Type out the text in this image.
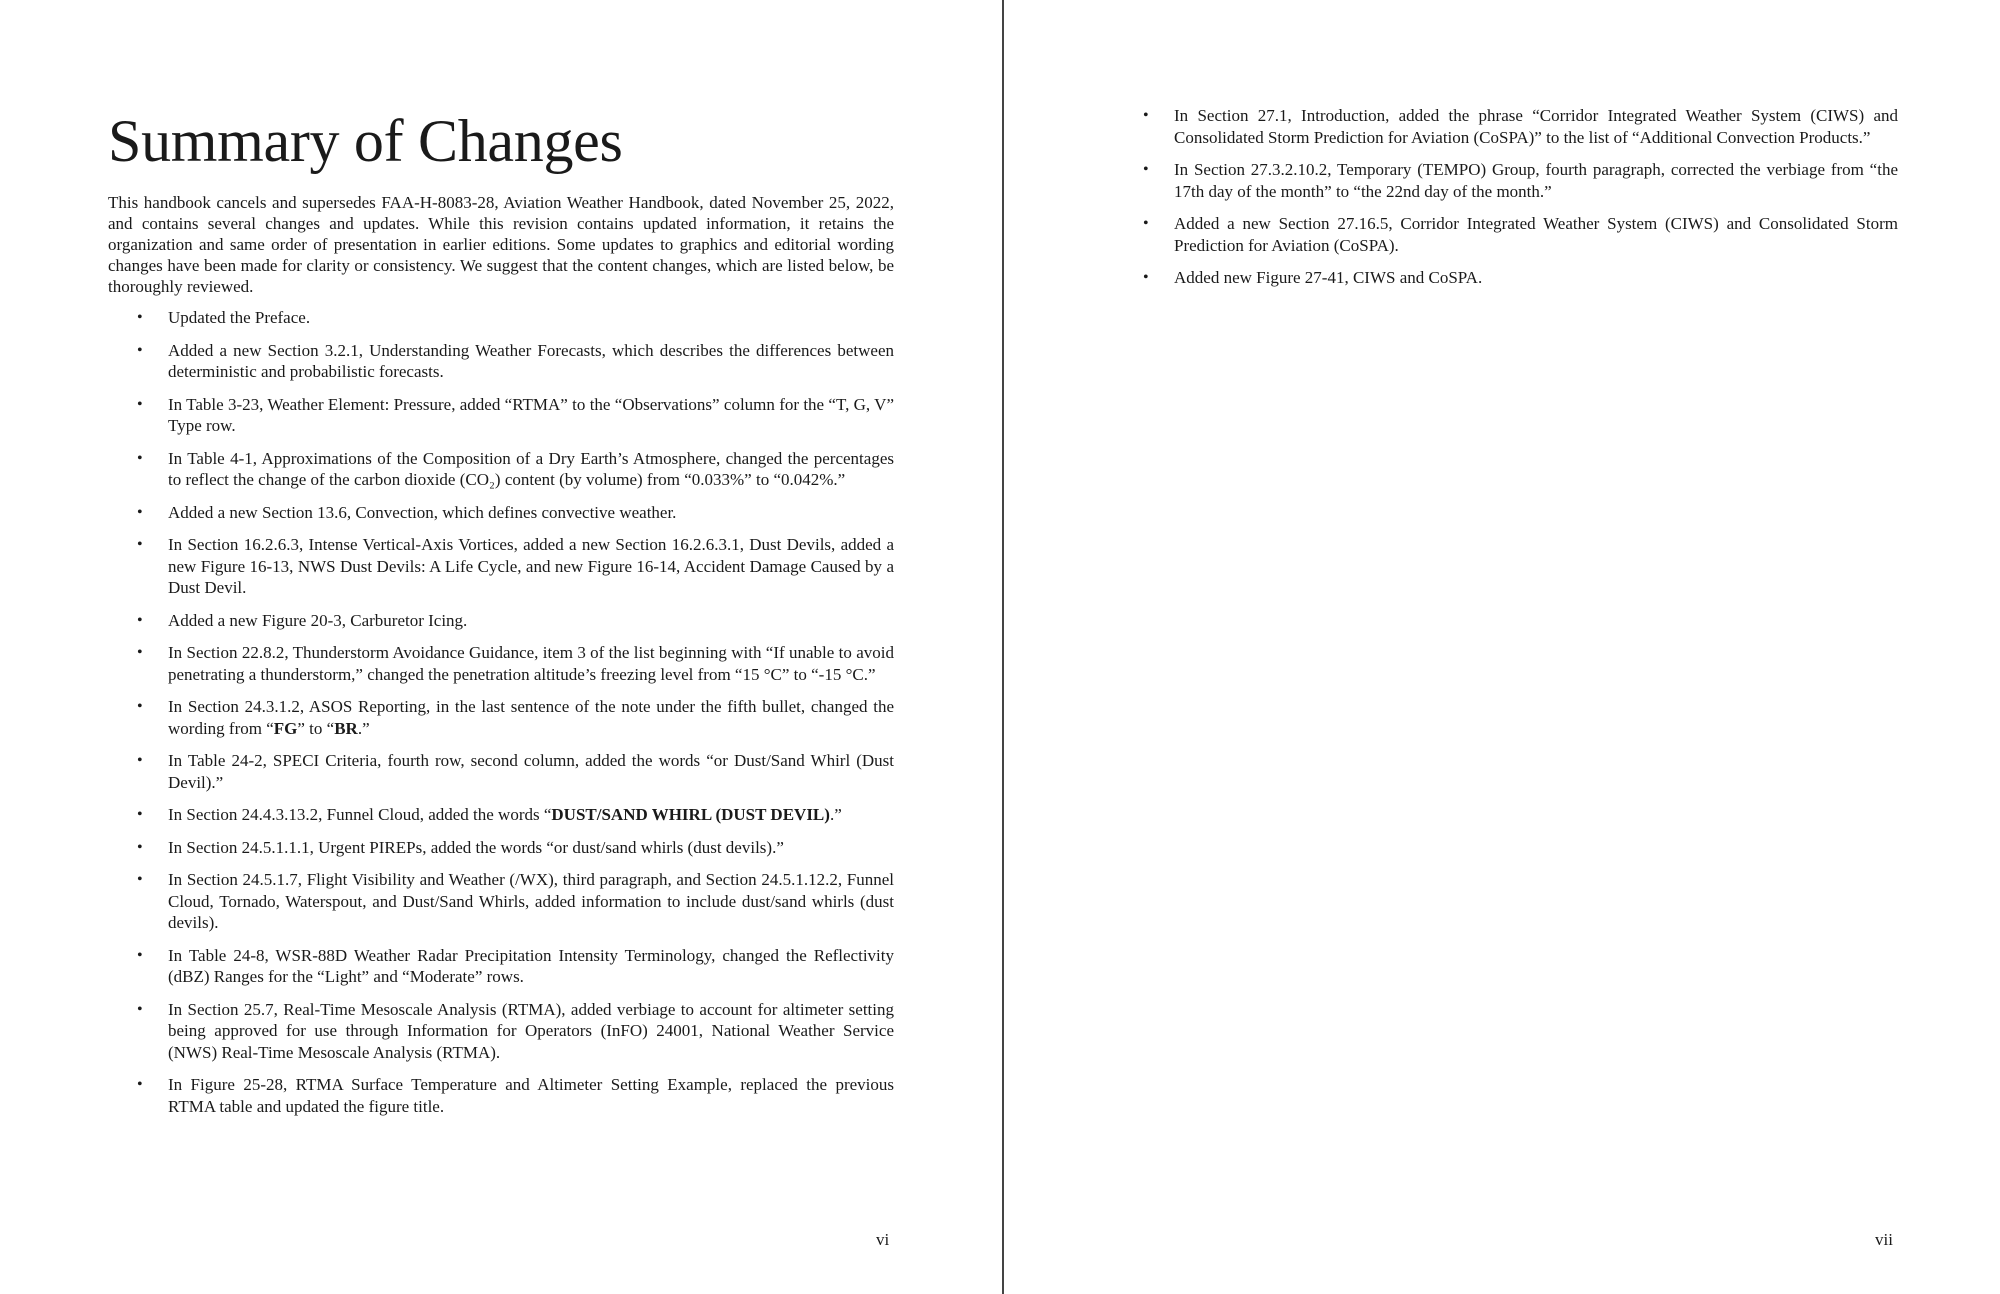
Summary of Changes

This handbook cancels and supersedes FAA-H-8083-28, Aviation Weather Handbook, dated November 25, 2022, and contains several changes and updates. While this revision contains updated information, it retains the organization and same order of presentation in earlier editions. Some updates to graphics and editorial wording changes have been made for clarity or consistency. We suggest that the content changes, which are listed below, be thoroughly reviewed.

• Updated the Preface.
• Added a new Section 3.2.1, Understanding Weather Forecasts, which describes the differences between deterministic and probabilistic forecasts.
• In Table 3-23, Weather Element: Pressure, added “RTMA” to the “Observations” column for the “T, G, V” Type row.
• In Table 4-1, Approximations of the Composition of a Dry Earth’s Atmosphere, changed the percentages to reflect the change of the carbon dioxide (CO₂) content (by volume) from “0.033%” to “0.042%.”
• Added a new Section 13.6, Convection, which defines convective weather.
• In Section 16.2.6.3, Intense Vertical-Axis Vortices, added a new Section 16.2.6.3.1, Dust Devils, added a new Figure 16-13, NWS Dust Devils: A Life Cycle, and new Figure 16-14, Accident Damage Caused by a Dust Devil.
• Added a new Figure 20-3, Carburetor Icing.
• In Section 22.8.2, Thunderstorm Avoidance Guidance, item 3 of the list beginning with “If unable to avoid penetrating a thunderstorm,” changed the penetration altitude’s freezing level from “15 °C” to “-15 °C.”
• In Section 24.3.1.2, ASOS Reporting, in the last sentence of the note under the fifth bullet, changed the wording from “FG” to “BR.”
• In Table 24-2, SPECI Criteria, fourth row, second column, added the words “or Dust/Sand Whirl (Dust Devil).”
• In Section 24.4.3.13.2, Funnel Cloud, added the words “DUST/SAND WHIRL (DUST DEVIL).”
• In Section 24.5.1.1.1, Urgent PIREPs, added the words “or dust/sand whirls (dust devils).”
• In Section 24.5.1.7, Flight Visibility and Weather (/WX), third paragraph, and Section 24.5.1.12.2, Funnel Cloud, Tornado, Waterspout, and Dust/Sand Whirls, added information to include dust/sand whirls (dust devils).
• In Table 24-8, WSR-88D Weather Radar Precipitation Intensity Terminology, changed the Reflectivity (dBZ) Ranges for the “Light” and “Moderate” rows.
• In Section 25.7, Real-Time Mesoscale Analysis (RTMA), added verbiage to account for altimeter setting being approved for use through Information for Operators (InFO) 24001, National Weather Service (NWS) Real-Time Mesoscale Analysis (RTMA).
• In Figure 25-28, RTMA Surface Temperature and Altimeter Setting Example, replaced the previous RTMA table and updated the figure title.
vi
• In Section 27.1, Introduction, added the phrase “Corridor Integrated Weather System (CIWS) and Consolidated Storm Prediction for Aviation (CoSPA)” to the list of “Additional Convection Products.”
• In Section 27.3.2.10.2, Temporary (TEMPO) Group, fourth paragraph, corrected the verbiage from “the 17th day of the month” to “the 22nd day of the month.”
• Added a new Section 27.16.5, Corridor Integrated Weather System (CIWS) and Consolidated Storm Prediction for Aviation (CoSPA).
• Added new Figure 27-41, CIWS and CoSPA.
vii
